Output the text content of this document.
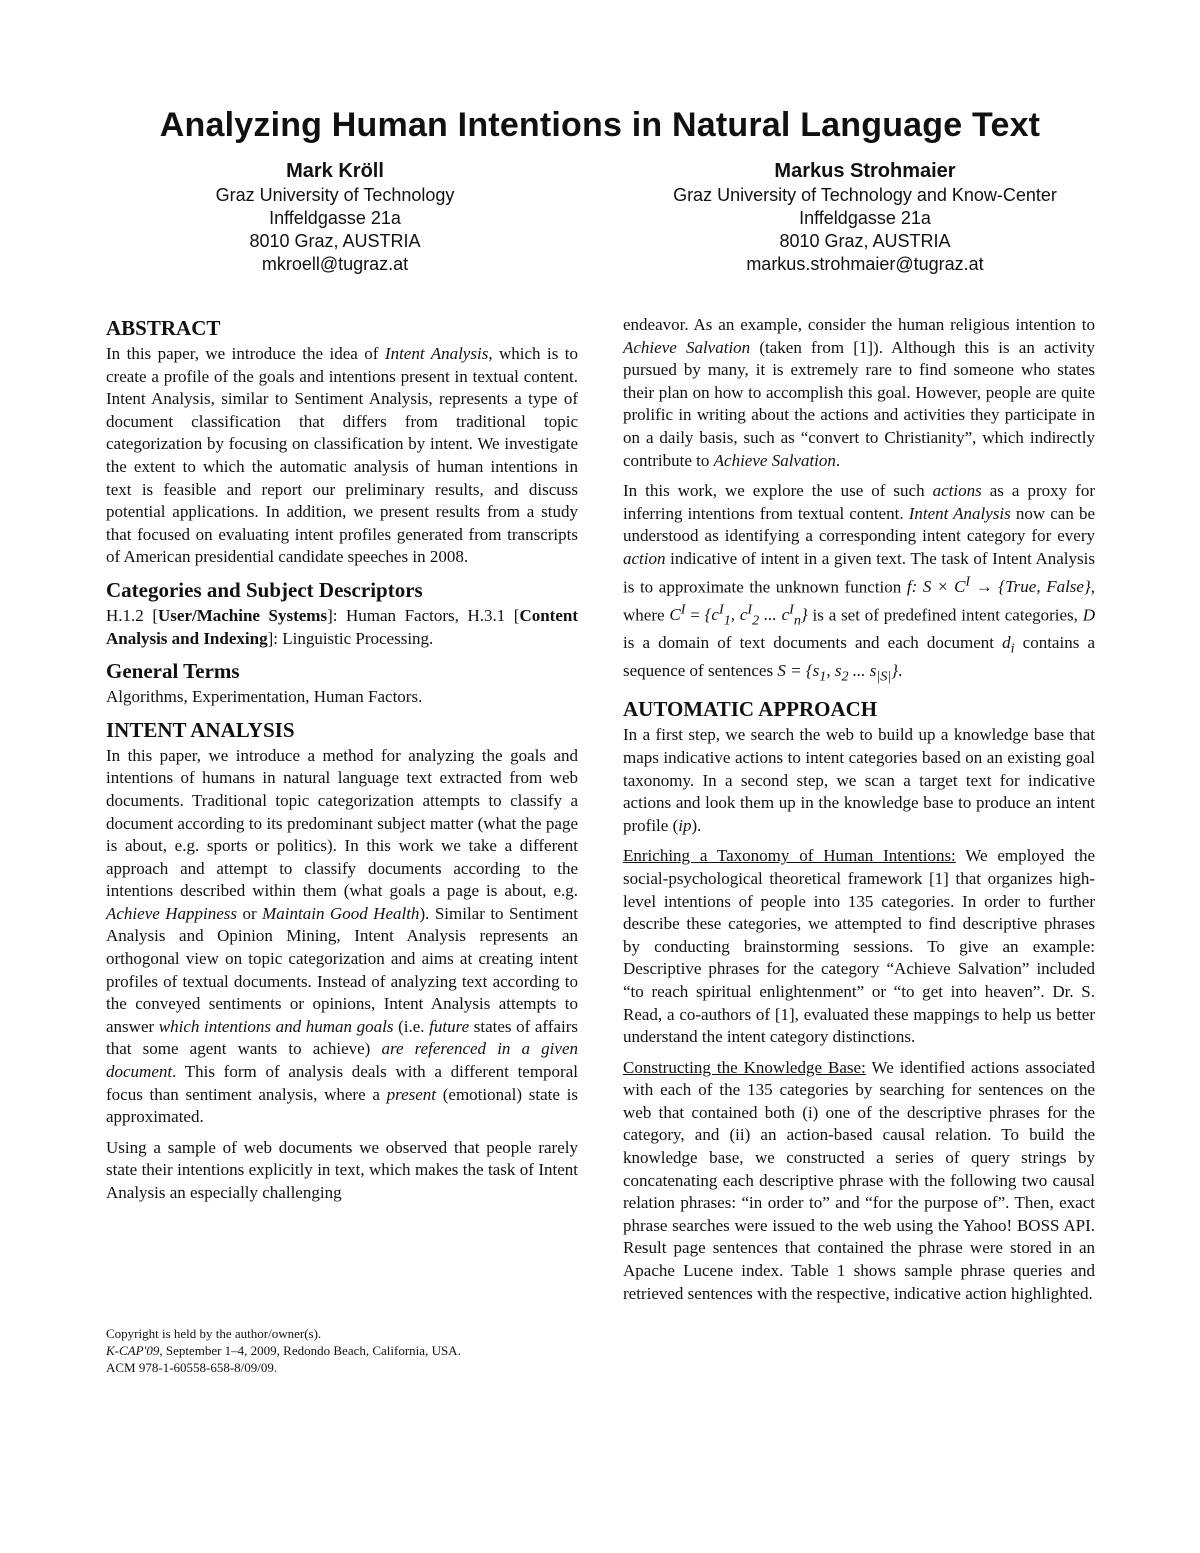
Analyzing Human Intentions in Natural Language Text
Mark Kröll
Graz University of Technology
Inffeldgasse 21a
8010 Graz, AUSTRIA
mkroell@tugraz.at
Markus Strohmaier
Graz University of Technology and Know-Center
Inffeldgasse 21a
8010 Graz, AUSTRIA
markus.strohmaier@tugraz.at
ABSTRACT

In this paper, we introduce the idea of Intent Analysis, which is to create a profile of the goals and intentions present in textual content. Intent Analysis, similar to Sentiment Analysis, represents a type of document classification that differs from traditional topic categorization by focusing on classification by intent. We investigate the extent to which the automatic analysis of human intentions in text is feasible and report our preliminary results, and discuss potential applications. In addition, we present results from a study that focused on evaluating intent profiles generated from transcripts of American presidential candidate speeches in 2008.

Categories and Subject Descriptors

H.1.2 [User/Machine Systems]: Human Factors, H.3.1 [Content Analysis and Indexing]: Linguistic Processing.

General Terms

Algorithms, Experimentation, Human Factors.

INTENT ANALYSIS

In this paper, we introduce a method for analyzing the goals and intentions of humans in natural language text extracted from web documents. Traditional topic categorization attempts to classify a document according to its predominant subject matter (what the page is about, e.g. sports or politics). In this work we take a different approach and attempt to classify documents according to the intentions described within them (what goals a page is about, e.g. Achieve Happiness or Maintain Good Health). Similar to Sentiment Analysis and Opinion Mining, Intent Analysis represents an orthogonal view on topic categorization and aims at creating intent profiles of textual documents. Instead of analyzing text according to the conveyed sentiments or opinions, Intent Analysis attempts to answer which intentions and human goals (i.e. future states of affairs that some agent wants to achieve) are referenced in a given document. This form of analysis deals with a different temporal focus than sentiment analysis, where a present (emotional) state is approximated.

Using a sample of web documents we observed that people rarely state their intentions explicitly in text, which makes the task of Intent Analysis an especially challenging

Copyright is held by the author/owner(s).
K-CAP'09, September 1–4, 2009, Redondo Beach, California, USA.
ACM 978-1-60558-658-8/09/09.

endeavor. As an example, consider the human religious intention to Achieve Salvation (taken from [1]). Although this is an activity pursued by many, it is extremely rare to find someone who states their plan on how to accomplish this goal. However, people are quite prolific in writing about the actions and activities they participate in on a daily basis, such as “convert to Christianity”, which indirectly contribute to Achieve Salvation.

In this work, we explore the use of such actions as a proxy for inferring intentions from textual content. Intent Analysis now can be understood as identifying a corresponding intent category for every action indicative of intent in a given text. The task of Intent Analysis is to approximate the unknown function f: $S \times C^I$ → {True, False}, where $C^I = \{c^I_1$, $c^I_2$ ... $c^I_n$} is a set of predefined intent categories, D is a domain of text documents and each document $d_i$ contains a sequence of sentences $S = \{s_1$, $s_2$ ... $s_{|S|}$}.

AUTOMATIC APPROACH

In a first step, we search the web to build up a knowledge base that maps indicative actions to intent categories based on an existing goal taxonomy. In a second step, we scan a target text for indicative actions and look them up in the knowledge base to produce an intent profile (ip).

Enriching a Taxonomy of Human Intentions: We employed the social-psychological theoretical framework [1] that organizes high-level intentions of people into 135 categories. In order to further describe these categories, we attempted to find descriptive phrases by conducting brainstorming sessions. To give an example: Descriptive phrases for the category “Achieve Salvation” included “to reach spiritual enlightenment” or “to get into heaven”. Dr. S. Read, a co-authors of [1], evaluated these mappings to help us better understand the intent category distinctions.

Constructing the Knowledge Base: We identified actions associated with each of the 135 categories by searching for sentences on the web that contained both (i) one of the descriptive phrases for the category, and (ii) an action-based causal relation. To build the knowledge base, we constructed a series of query strings by concatenating each descriptive phrase with the following two causal relation phrases: “in order to” and “for the purpose of”. Then, exact phrase searches were issued to the web using the Yahoo! BOSS API. Result page sentences that contained the phrase were stored in an Apache Lucene index. Table 1 shows sample phrase queries and retrieved sentences with the respective, indicative action highlighted.
